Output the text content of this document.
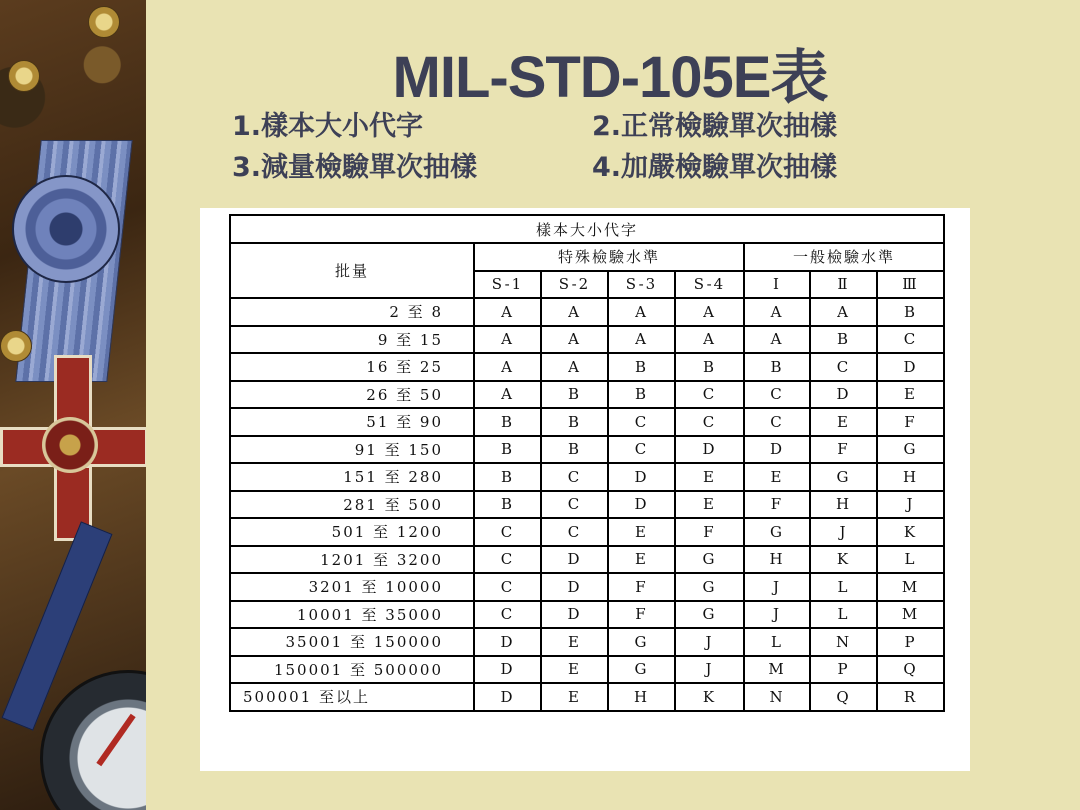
MIL-STD-105E表
1.樣本大小代字	2.正常檢驗單次抽樣
3.減量檢驗單次抽樣	4.加嚴檢驗單次抽樣
樣本大小代字							
批量	特殊檢驗水準				一般檢驗水準		
	S-1	S-2	S-3	S-4	Ⅰ	Ⅱ	Ⅲ
2 至 8	A	A	A	A	A	A	B
9 至 15	A	A	A	A	A	B	C
16 至 25	A	A	B	B	B	C	D
26 至 50	A	B	B	C	C	D	E
51 至 90	B	B	C	C	C	E	F
91 至 150	B	B	C	D	D	F	G
151 至 280	B	C	D	E	E	G	H
281 至 500	B	C	D	E	F	H	J
501 至 1200	C	C	E	F	G	J	K
1201 至 3200	C	D	E	G	H	K	L
3201 至 10000	C	D	F	G	J	L	M
10001 至 35000	C	D	F	G	J	L	M
35001 至 150000	D	E	G	J	L	N	P
150001 至 500000	D	E	G	J	M	P	Q
500001 至以上	D	E	H	K	N	Q	R
